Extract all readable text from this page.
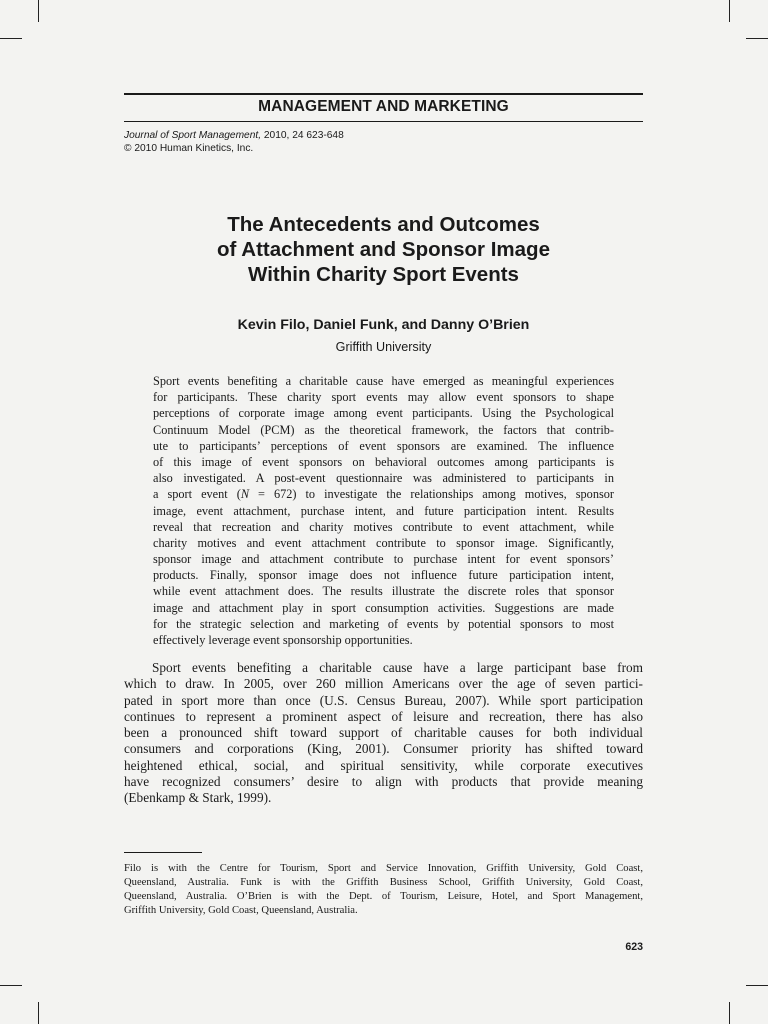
MANAGEMENT AND MARKETING
Journal of Sport Management, 2010, 24 623-648
© 2010 Human Kinetics, Inc.
The Antecedents and Outcomes
of Attachment and Sponsor Image
Within Charity Sport Events
Kevin Filo, Daniel Funk, and Danny O’Brien
Griffith University
Sport events benefiting a charitable cause have emerged as meaningful experiences
for participants. These charity sport events may allow event sponsors to shape
perceptions of corporate image among event participants. Using the Psychological
Continuum Model (PCM) as the theoretical framework, the factors that contrib-
ute to participants’ perceptions of event sponsors are examined. The influence
of this image of event sponsors on behavioral outcomes among participants is
also investigated. A post-event questionnaire was administered to participants in
a sport event (N = 672) to investigate the relationships among motives, sponsor
image, event attachment, purchase intent, and future participation intent. Results
reveal that recreation and charity motives contribute to event attachment, while
charity motives and event attachment contribute to sponsor image. Significantly,
sponsor image and attachment contribute to purchase intent for event sponsors’
products. Finally, sponsor image does not influence future participation intent,
while event attachment does. The results illustrate the discrete roles that sponsor
image and attachment play in sport consumption activities. Suggestions are made
for the strategic selection and marketing of events by potential sponsors to most
effectively leverage event sponsorship opportunities.
Sport events benefiting a charitable cause have a large participant base from
which to draw. In 2005, over 260 million Americans over the age of seven partici-
pated in sport more than once (U.S. Census Bureau, 2007). While sport participation
continues to represent a prominent aspect of leisure and recreation, there has also
been a pronounced shift toward support of charitable causes for both individual
consumers and corporations (King, 2001). Consumer priority has shifted toward
heightened ethical, social, and spiritual sensitivity, while corporate executives
have recognized consumers’ desire to align with products that provide meaning
(Ebenkamp & Stark, 1999).
Filo is with the Centre for Tourism, Sport and Service Innovation, Griffith University, Gold Coast,
Queensland, Australia. Funk is with the Griffith Business School, Griffith University, Gold Coast,
Queensland, Australia. O’Brien is with the Dept. of Tourism, Leisure, Hotel, and Sport Management,
Griffith University, Gold Coast, Queensland, Australia.
623
